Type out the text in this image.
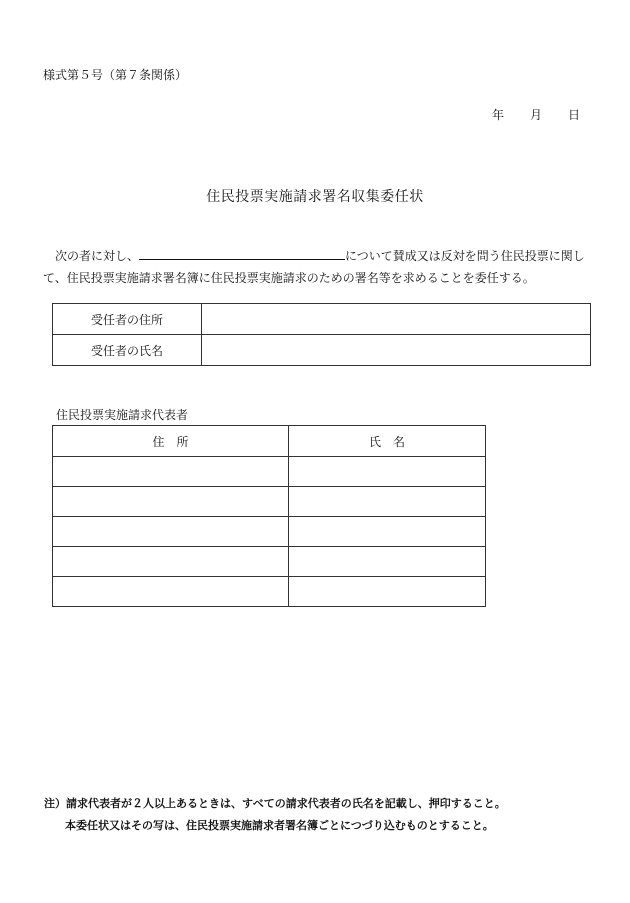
様式第５号（第７条関係）
年 月 日
住民投票実施請求署名収集委任状
　次の者に対し、	について賛成又は反対を問う住民投票に関して、住民投票実施請求署名簿に住民投票実施請求のための署名等を求めることを委任する。
受任者の住所	
受任者の氏名	
住民投票実施請求代表者
住　所	氏　名

注）請求代表者が２人以上あるときは、すべての請求代表者の氏名を記載し、押印すること。
本委任状又はその写は、住民投票実施請求者署名簿ごとにつづり込むものとすること。
